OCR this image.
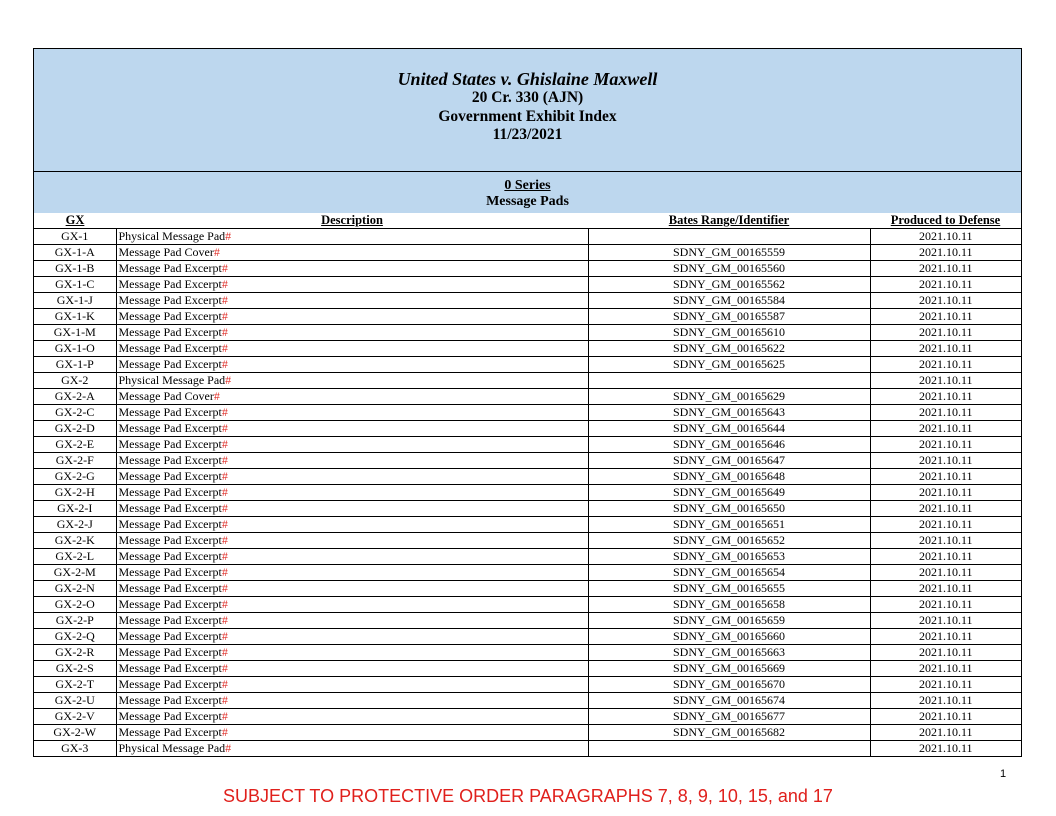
United States v. Ghislaine Maxwell
20 Cr. 330 (AJN)
Government Exhibit Index
11/23/2021
0 Series
Message Pads
GX	Description	Bates Range/Identifier	Produced to Defense
GX-1	Physical Message Pad#		2021.10.11
GX-1-A	Message Pad Cover#	SDNY_GM_00165559	2021.10.11
GX-1-B	Message Pad Excerpt#	SDNY_GM_00165560	2021.10.11
GX-1-C	Message Pad Excerpt#	SDNY_GM_00165562	2021.10.11
GX-1-J	Message Pad Excerpt#	SDNY_GM_00165584	2021.10.11
GX-1-K	Message Pad Excerpt#	SDNY_GM_00165587	2021.10.11
GX-1-M	Message Pad Excerpt#	SDNY_GM_00165610	2021.10.11
GX-1-O	Message Pad Excerpt#	SDNY_GM_00165622	2021.10.11
GX-1-P	Message Pad Excerpt#	SDNY_GM_00165625	2021.10.11
GX-2	Physical Message Pad#		2021.10.11
GX-2-A	Message Pad Cover#	SDNY_GM_00165629	2021.10.11
GX-2-C	Message Pad Excerpt#	SDNY_GM_00165643	2021.10.11
GX-2-D	Message Pad Excerpt#	SDNY_GM_00165644	2021.10.11
GX-2-E	Message Pad Excerpt#	SDNY_GM_00165646	2021.10.11
GX-2-F	Message Pad Excerpt#	SDNY_GM_00165647	2021.10.11
GX-2-G	Message Pad Excerpt#	SDNY_GM_00165648	2021.10.11
GX-2-H	Message Pad Excerpt#	SDNY_GM_00165649	2021.10.11
GX-2-I	Message Pad Excerpt#	SDNY_GM_00165650	2021.10.11
GX-2-J	Message Pad Excerpt#	SDNY_GM_00165651	2021.10.11
GX-2-K	Message Pad Excerpt#	SDNY_GM_00165652	2021.10.11
GX-2-L	Message Pad Excerpt#	SDNY_GM_00165653	2021.10.11
GX-2-M	Message Pad Excerpt#	SDNY_GM_00165654	2021.10.11
GX-2-N	Message Pad Excerpt#	SDNY_GM_00165655	2021.10.11
GX-2-O	Message Pad Excerpt#	SDNY_GM_00165658	2021.10.11
GX-2-P	Message Pad Excerpt#	SDNY_GM_00165659	2021.10.11
GX-2-Q	Message Pad Excerpt#	SDNY_GM_00165660	2021.10.11
GX-2-R	Message Pad Excerpt#	SDNY_GM_00165663	2021.10.11
GX-2-S	Message Pad Excerpt#	SDNY_GM_00165669	2021.10.11
GX-2-T	Message Pad Excerpt#	SDNY_GM_00165670	2021.10.11
GX-2-U	Message Pad Excerpt#	SDNY_GM_00165674	2021.10.11
GX-2-V	Message Pad Excerpt#	SDNY_GM_00165677	2021.10.11
GX-2-W	Message Pad Excerpt#	SDNY_GM_00165682	2021.10.11
GX-3	Physical Message Pad#		2021.10.11
1
SUBJECT TO PROTECTIVE ORDER PARAGRAPHS 7, 8, 9, 10, 15, and 17
